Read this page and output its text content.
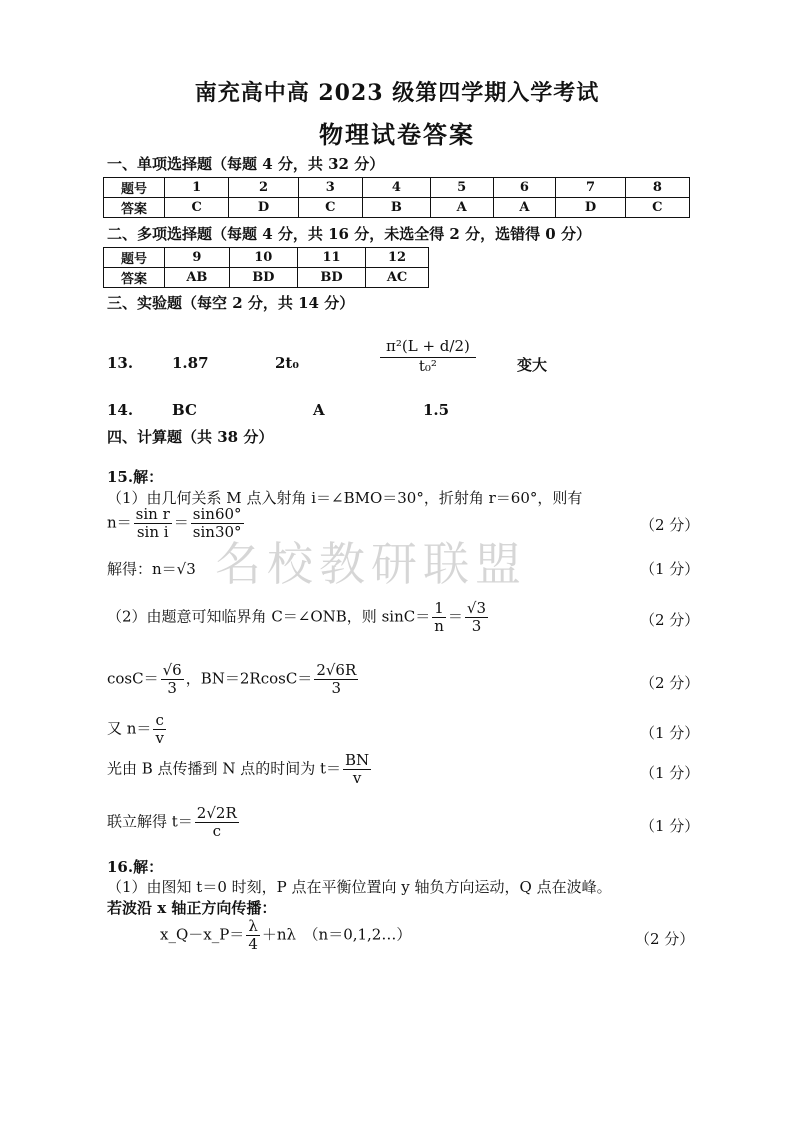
名校教研联盟
南充高中高 2023 级第四学期入学考试
物理试卷答案
一、单项选择题（每题 4 分，共 32 分）
题号	1	2	3	4	5	6	7	8
答案	C	D	C	B	A	A	D	C
二、多项选择题（每题 4 分，共 16 分，未选全得 2 分，选错得 0 分）
题号	9	10	11	12
答案	AB	BD	BD	AC
三、实验题（每空 2 分，共 14 分）
13.	1.87	2t₀	$\frac{\text{π²(L + d/2)}}{\text{t₀²}}$	变大
14.	BC	A	1.5
四、计算题（共 38 分）
15.解：
（1）由几何关系 M 点入射角 i＝∠BMO＝30°，折射角 r＝60°，则有
$n= \frac{\text{sin r}}{\text{sin i}} = \frac{\sin 60^\circ}{\sin 30^\circ}$	（2 分）
解得：n＝√3	（1 分）
（2）由题意可知临界角 C＝∠ONB，则 $\sin C= \frac{1}{n} = \frac{√3}{3}$	（2 分）
$\cos C= \frac{√6}{3}$ ，$BN=2RcosC= \frac{2√6R}{3}$	（2 分）
又 $n= \frac{c}{v}$	（1 分）
光由 B 点传播到 N 点的时间为 $t= \frac{BN}{v}$	（1 分）
联立解得 $t= \frac{2√2R}{c}$	（1 分）
16.解：
（1）由图知 t＝0 时刻，P 点在平衡位置向 y 轴负方向运动，Q 点在波峰。
若波沿 x 轴正方向传播：
x_Q－x_P＝ $\frac{\lambda}{4} +n\lambda$　（n＝0,1,2…）	（2 分）
